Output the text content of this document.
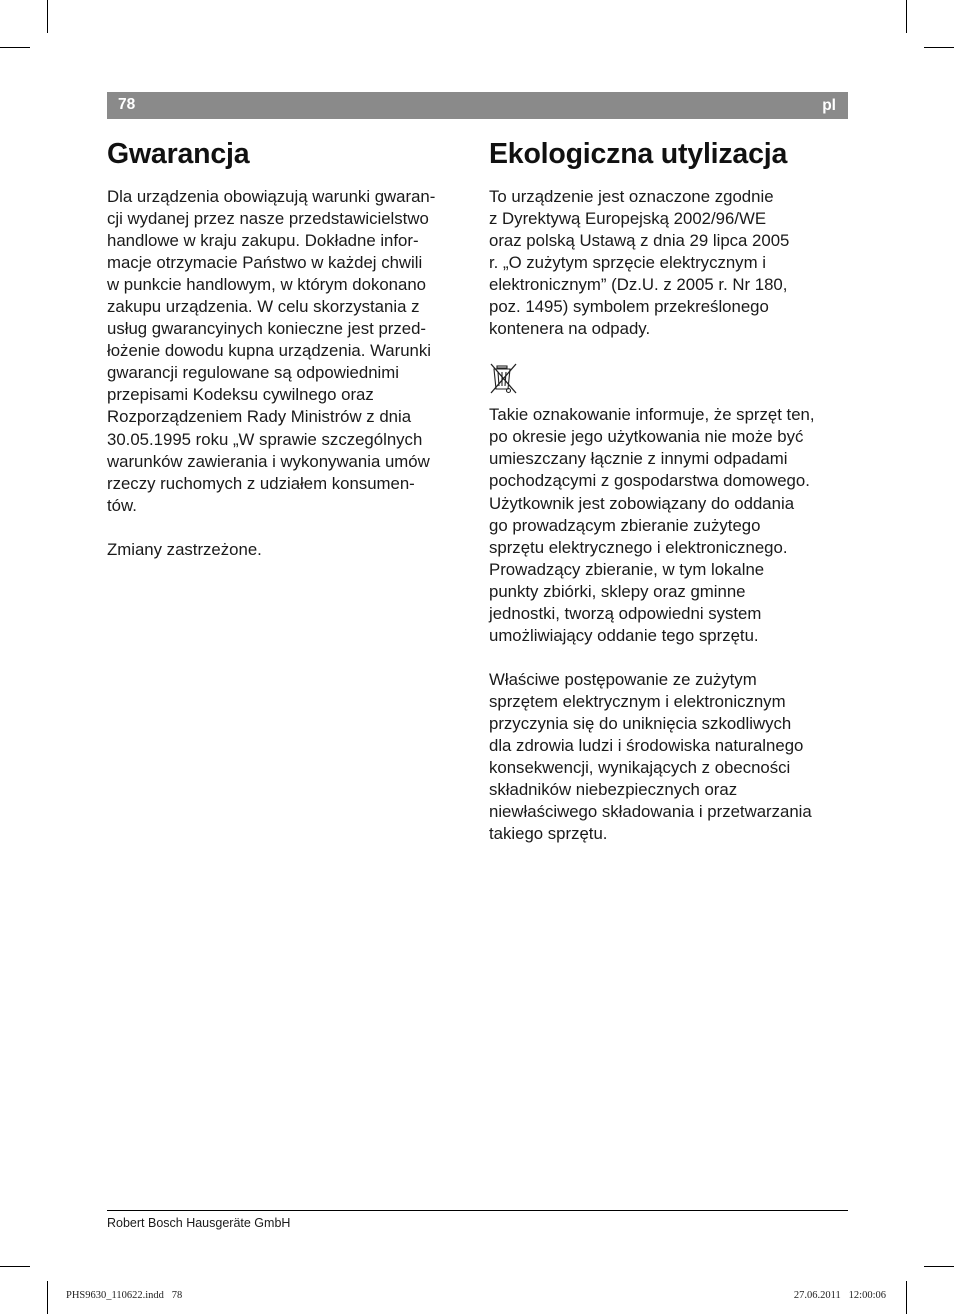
78	pl
Gwarancja

Dla urządzenia obowiązują warunki gwaran-
cji wydanej przez nasze przedstawicielstwo
handlowe w kraju zakupu. Dokładne infor-
macje otrzymacie Państwo w każdej chwili
w punkcie handlowym, w którym dokonano
zakupu urządzenia. W celu skorzystania z
usług gwarancyinych konieczne jest przed-
łożenie dowodu kupna urządzenia. Warunki
gwarancji regulowane są odpowiednimi
przepisami Kodeksu cywilnego oraz
Rozporządzeniem Rady Ministrów z dnia
30.05.1995 roku „W sprawie szczególnych
warunków zawierania i wykonywania umów
rzeczy ruchomych z udziałem konsumen-
tów.

Zmiany zastrzeżone.

Ekologiczna utylizacja

To urządzenie jest oznaczone zgodnie
z Dyrektywą Europejską 2002/96/WE
oraz polską Ustawą z dnia 29 lipca 2005
r. „O zużytym sprzęcie elektrycznym i
elektronicznym” (Dz.U. z 2005 r. Nr 180,
poz. 1495) symbolem przekreślonego
kontenera na odpady.

Takie oznakowanie informuje, że sprzęt ten,
po okresie jego użytkowania nie może być
umieszczany łącznie z innymi odpadami
pochodzącymi z gospodarstwa domowego.
Użytkownik jest zobowiązany do oddania
go prowadzącym zbieranie zużytego
sprzętu elektrycznego i elektronicznego.
Prowadzący zbieranie, w tym lokalne
punkty zbiórki, sklepy oraz gminne
jednostki, tworzą odpowiedni system
umożliwiający oddanie tego sprzętu.

Właściwe postępowanie ze zużytym
sprzętem elektrycznym i elektronicznym
przyczynia się do uniknięcia szkodliwych
dla zdrowia ludzi i środowiska naturalnego
konsekwencji, wynikających z obecności
składników niebezpiecznych oraz
niewłaściwego składowania i przetwarzania
takiego sprzętu.

Robert Bosch Hausgeräte GmbH
PHS9630_110622.indd   78	27.06.2011   12:00:06
